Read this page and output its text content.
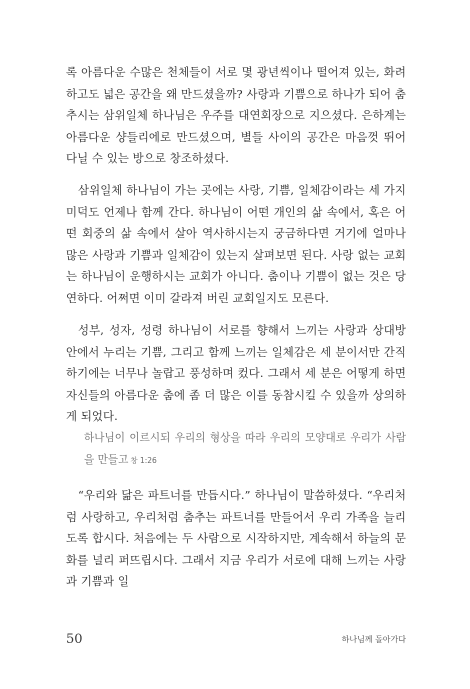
록 아름다운 수많은 천체들이 서로 몇 광년씩이나 떨어져 있는, 화려하고도 넓은 공간을 왜 만드셨을까? 사랑과 기쁨으로 하나가 되어 춤추시는 삼위일체 하나님은 우주를 대연회장으로 지으셨다. 은하계는 아름다운 샹들리에로 만드셨으며, 별들 사이의 공간은 마음껏 뛰어다닐 수 있는 방으로 창조하셨다.

삼위일체 하나님이 가는 곳에는 사랑, 기쁨, 일체감이라는 세 가지 미덕도 언제나 함께 간다. 하나님이 어떤 개인의 삶 속에서, 혹은 어떤 회중의 삶 속에서 살아 역사하시는지 궁금하다면 거기에 얼마나 많은 사랑과 기쁨과 일체감이 있는지 살펴보면 된다. 사랑 없는 교회는 하나님이 운행하시는 교회가 아니다. 춤이나 기쁨이 없는 것은 당연하다. 어쩌면 이미 갈라져 버린 교회일지도 모른다.

성부, 성자, 성령 하나님이 서로를 향해서 느끼는 사랑과 상대방 안에서 누리는 기쁨, 그리고 함께 느끼는 일체감은 세 분이서만 간직하기에는 너무나 놀랍고 풍성하며 컸다. 그래서 세 분은 어떻게 하면 자신들의 아름다운 춤에 좀 더 많은 이를 동참시킬 수 있을까 상의하게 되었다.

하나님이 이르시되 우리의 형상을 따라 우리의 모양대로 우리가 사람을 만들고 창 1:26

“우리와 닮은 파트너를 만듭시다.” 하나님이 말씀하셨다. “우리처럼 사랑하고, 우리처럼 춤추는 파트너를 만들어서 우리 가족을 늘리도록 합시다. 처음에는 두 사람으로 시작하지만, 계속해서 하늘의 문화를 널리 퍼뜨립시다. 그래서 지금 우리가 서로에 대해 느끼는 사랑과 기쁨과 일

50	하나님께 돌아가다
